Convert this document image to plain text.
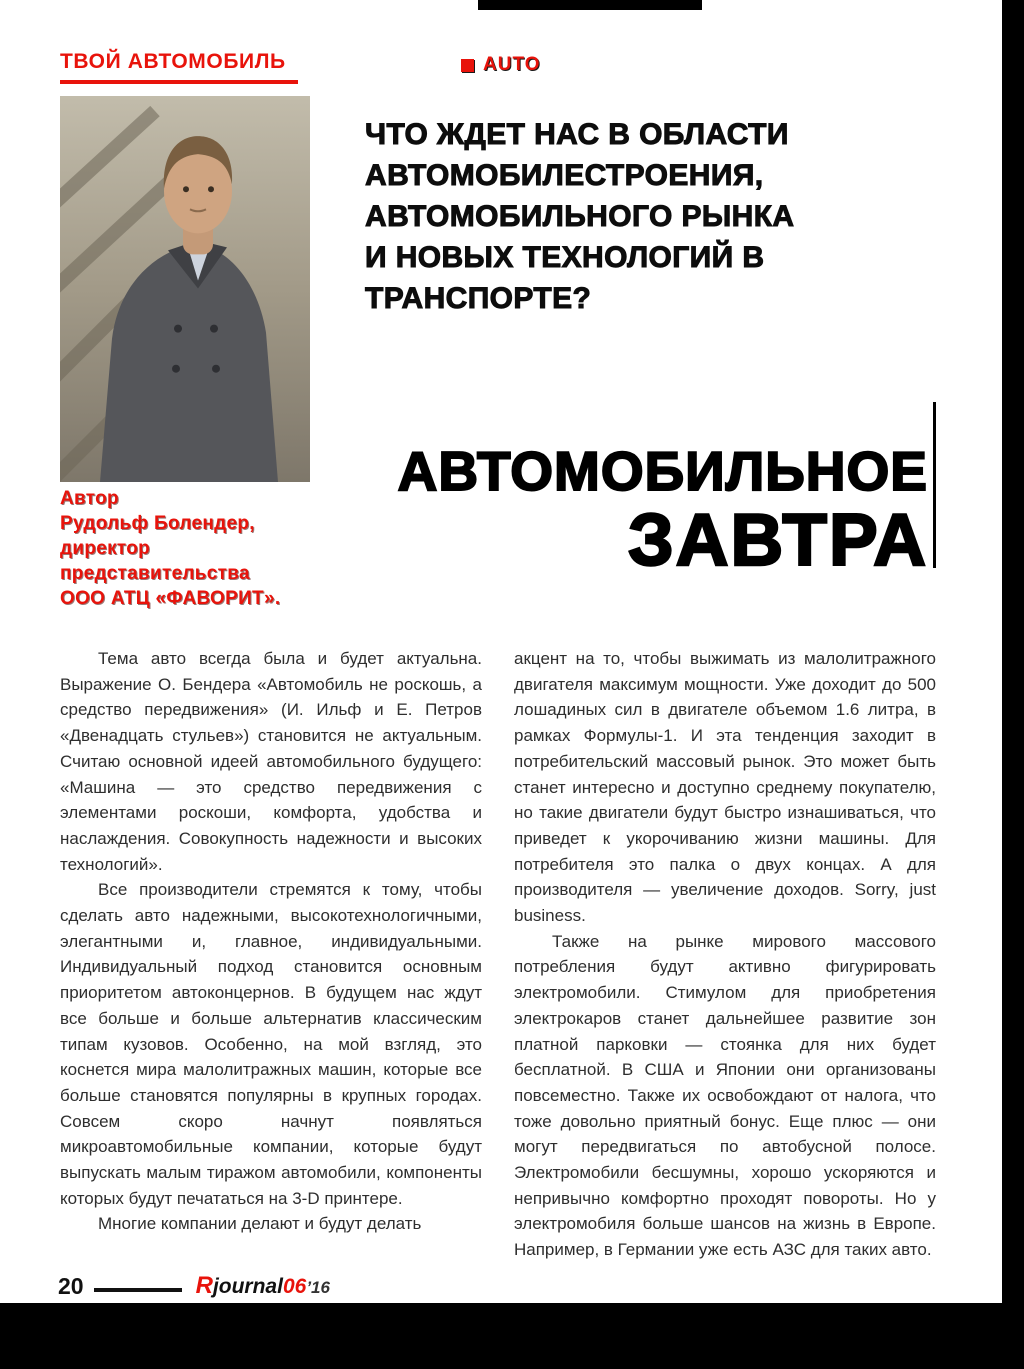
ТВОЙ АВТОМОБИЛЬ	AUTO
Автор
Рудольф Болендер,
директор
представительства
ООО АТЦ «ФАВОРИТ».
ЧТО ЖДЕТ НАС В ОБЛАСТИ
АВТОМОБИЛЕСТРОЕНИЯ,
АВТОМОБИЛЬНОГО РЫНКА
И НОВЫХ ТЕХНОЛОГИЙ В
ТРАНСПОРТЕ?
АВТОМОБИЛЬНОЕ
ЗАВТРА

Тема авто всегда была и будет актуальна. Выражение О. Бендера «Автомобиль не роскошь, а средство передвижения» (И. Ильф и Е. Петров «Двенадцать стульев») становится не актуальным. Считаю основной идеей автомобильного будущего: «Машина — это средство передвижения с элементами роскоши, комфорта, удобства и наслаждения. Совокупность надежности и высоких технологий».

Все производители стремятся к тому, чтобы сделать авто надежными, высокотехнологичными, элегантными и, главное, индивидуальными. Индивидуальный подход становится основным приоритетом автоконцернов. В будущем нас ждут все больше и больше альтернатив классическим типам кузовов. Особенно, на мой взгляд, это коснется мира малолитражных машин, которые все больше становятся популярны в крупных городах. Совсем скоро начнут появляться микроавтомобильные компании, которые будут выпускать малым тиражом автомобили, компоненты которых будут печататься на 3-D принтере.

Многие компании делают и будут делать

акцент на то, чтобы выжимать из малолитражного двигателя максимум мощности. Уже доходит до 500 лошадиных сил в двигателе объемом 1.6 литра, в рамках Формулы-1. И эта тенденция заходит в потребительский массовый рынок. Это может быть станет интересно и доступно среднему покупателю, но такие двигатели будут быстро изнашиваться, что приведет к укорочиванию жизни машины. Для потребителя это палка о двух концах. А для производителя — увеличение доходов. Sorry, just business.

Также на рынке мирового массового потребления будут активно фигурировать электромобили. Стимулом для приобретения электрокаров станет дальнейшее развитие зон платной парковки — стоянка для них будет бесплатной. В США и Японии они организованы повсеместно. Также их освобождают от налога, что тоже довольно приятный бонус. Еще плюс — они могут передвигаться по автобусной полосе. Электромобили бесшумны, хорошо ускоряются и непривычно комфортно проходят повороты. Но у электромобиля больше шансов на жизнь в Европе. Например, в Германии уже есть АЗС для таких авто.

20	Rjournal06’16
